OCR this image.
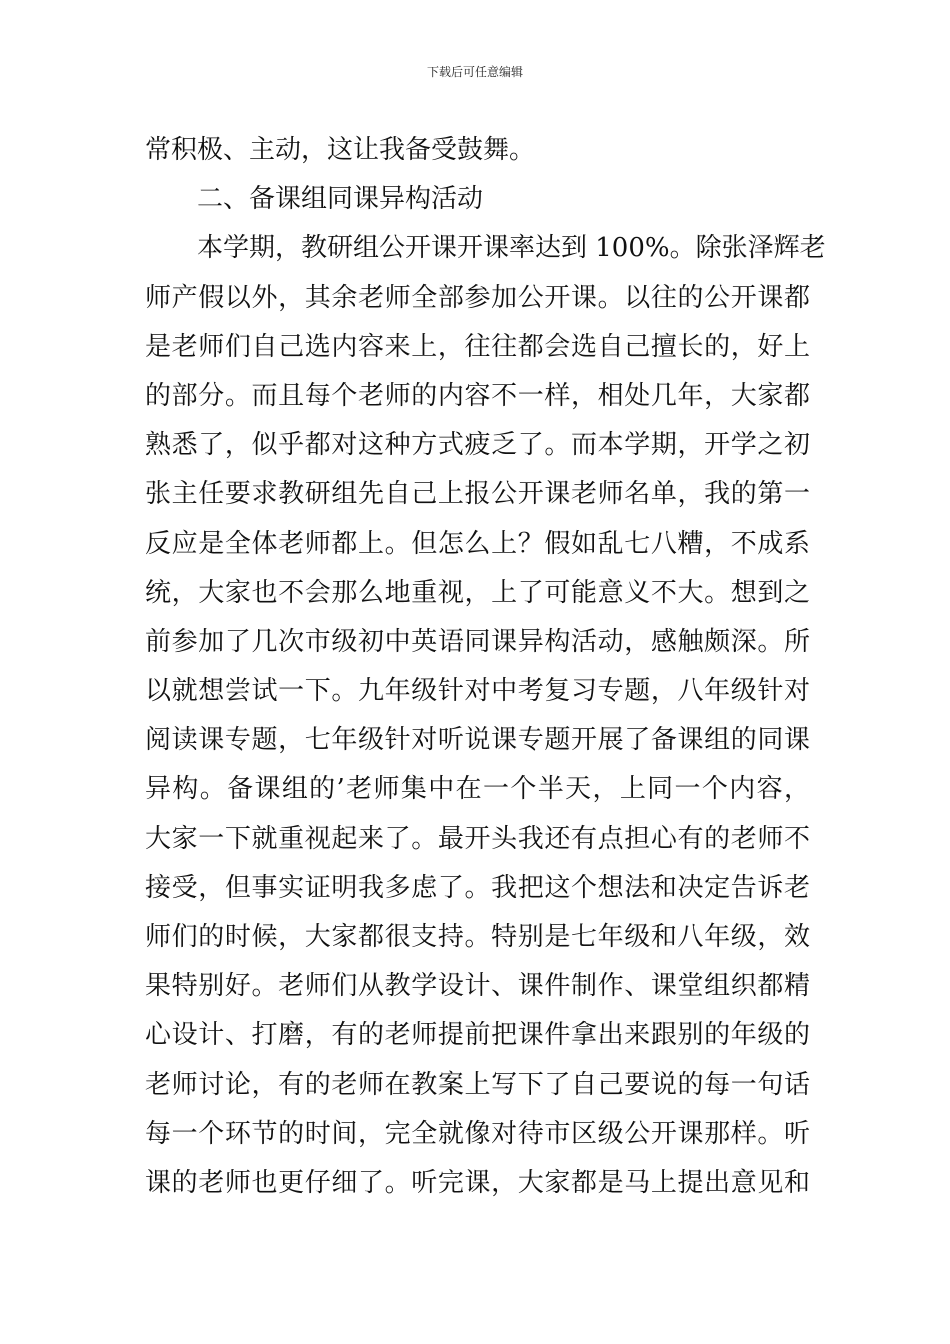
下载后可任意编辑
常积极、主动，这让我备受鼓舞。
二、备课组同课异构活动
本学期，教研组公开课开课率达到 100%。除张泽辉老
师产假以外，其余老师全部参加公开课。以往的公开课都
是老师们自己选内容来上，往往都会选自己擅长的，好上
的部分。而且每个老师的内容不一样，相处几年，大家都
熟悉了，似乎都对这种方式疲乏了。而本学期，开学之初
张主任要求教研组先自己上报公开课老师名单，我的第一
反应是全体老师都上。但怎么上？假如乱七八糟，不成系
统，大家也不会那么地重视，上了可能意义不大。想到之
前参加了几次市级初中英语同课异构活动，感触颇深。所
以就想尝试一下。九年级针对中考复习专题，八年级针对
阅读课专题，七年级针对听说课专题开展了备课组的同课
异构。备课组的’老师集中在一个半天，上同一个内容，
大家一下就重视起来了。最开头我还有点担心有的老师不
接受，但事实证明我多虑了。我把这个想法和决定告诉老
师们的时候，大家都很支持。特别是七年级和八年级，效
果特别好。老师们从教学设计、课件制作、课堂组织都精
心设计、打磨，有的老师提前把课件拿出来跟别的年级的
老师讨论，有的老师在教案上写下了自己要说的每一句话
每一个环节的时间，完全就像对待市区级公开课那样。听
课的老师也更仔细了。听完课，大家都是马上提出意见和
